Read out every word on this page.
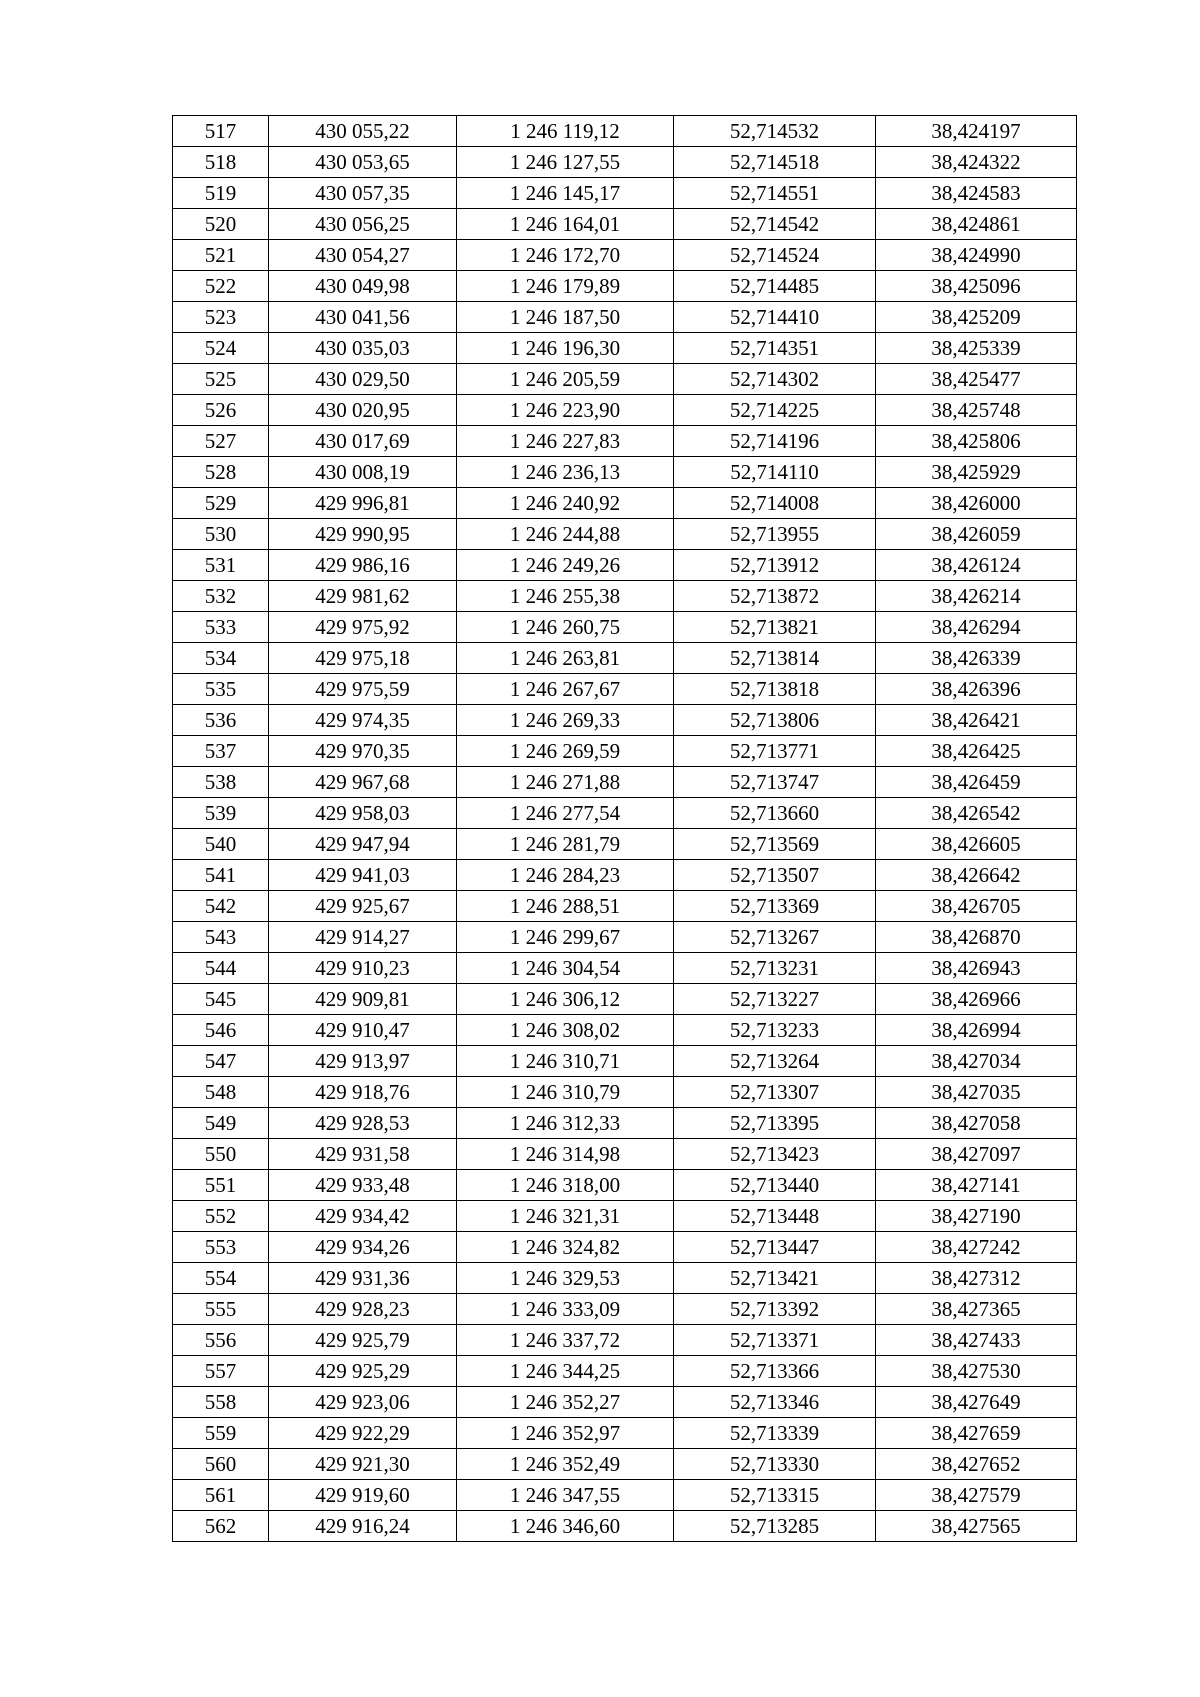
517	430 055,22	1 246 119,12	52,714532	38,424197
518	430 053,65	1 246 127,55	52,714518	38,424322
519	430 057,35	1 246 145,17	52,714551	38,424583
520	430 056,25	1 246 164,01	52,714542	38,424861
521	430 054,27	1 246 172,70	52,714524	38,424990
522	430 049,98	1 246 179,89	52,714485	38,425096
523	430 041,56	1 246 187,50	52,714410	38,425209
524	430 035,03	1 246 196,30	52,714351	38,425339
525	430 029,50	1 246 205,59	52,714302	38,425477
526	430 020,95	1 246 223,90	52,714225	38,425748
527	430 017,69	1 246 227,83	52,714196	38,425806
528	430 008,19	1 246 236,13	52,714110	38,425929
529	429 996,81	1 246 240,92	52,714008	38,426000
530	429 990,95	1 246 244,88	52,713955	38,426059
531	429 986,16	1 246 249,26	52,713912	38,426124
532	429 981,62	1 246 255,38	52,713872	38,426214
533	429 975,92	1 246 260,75	52,713821	38,426294
534	429 975,18	1 246 263,81	52,713814	38,426339
535	429 975,59	1 246 267,67	52,713818	38,426396
536	429 974,35	1 246 269,33	52,713806	38,426421
537	429 970,35	1 246 269,59	52,713771	38,426425
538	429 967,68	1 246 271,88	52,713747	38,426459
539	429 958,03	1 246 277,54	52,713660	38,426542
540	429 947,94	1 246 281,79	52,713569	38,426605
541	429 941,03	1 246 284,23	52,713507	38,426642
542	429 925,67	1 246 288,51	52,713369	38,426705
543	429 914,27	1 246 299,67	52,713267	38,426870
544	429 910,23	1 246 304,54	52,713231	38,426943
545	429 909,81	1 246 306,12	52,713227	38,426966
546	429 910,47	1 246 308,02	52,713233	38,426994
547	429 913,97	1 246 310,71	52,713264	38,427034
548	429 918,76	1 246 310,79	52,713307	38,427035
549	429 928,53	1 246 312,33	52,713395	38,427058
550	429 931,58	1 246 314,98	52,713423	38,427097
551	429 933,48	1 246 318,00	52,713440	38,427141
552	429 934,42	1 246 321,31	52,713448	38,427190
553	429 934,26	1 246 324,82	52,713447	38,427242
554	429 931,36	1 246 329,53	52,713421	38,427312
555	429 928,23	1 246 333,09	52,713392	38,427365
556	429 925,79	1 246 337,72	52,713371	38,427433
557	429 925,29	1 246 344,25	52,713366	38,427530
558	429 923,06	1 246 352,27	52,713346	38,427649
559	429 922,29	1 246 352,97	52,713339	38,427659
560	429 921,30	1 246 352,49	52,713330	38,427652
561	429 919,60	1 246 347,55	52,713315	38,427579
562	429 916,24	1 246 346,60	52,713285	38,427565
